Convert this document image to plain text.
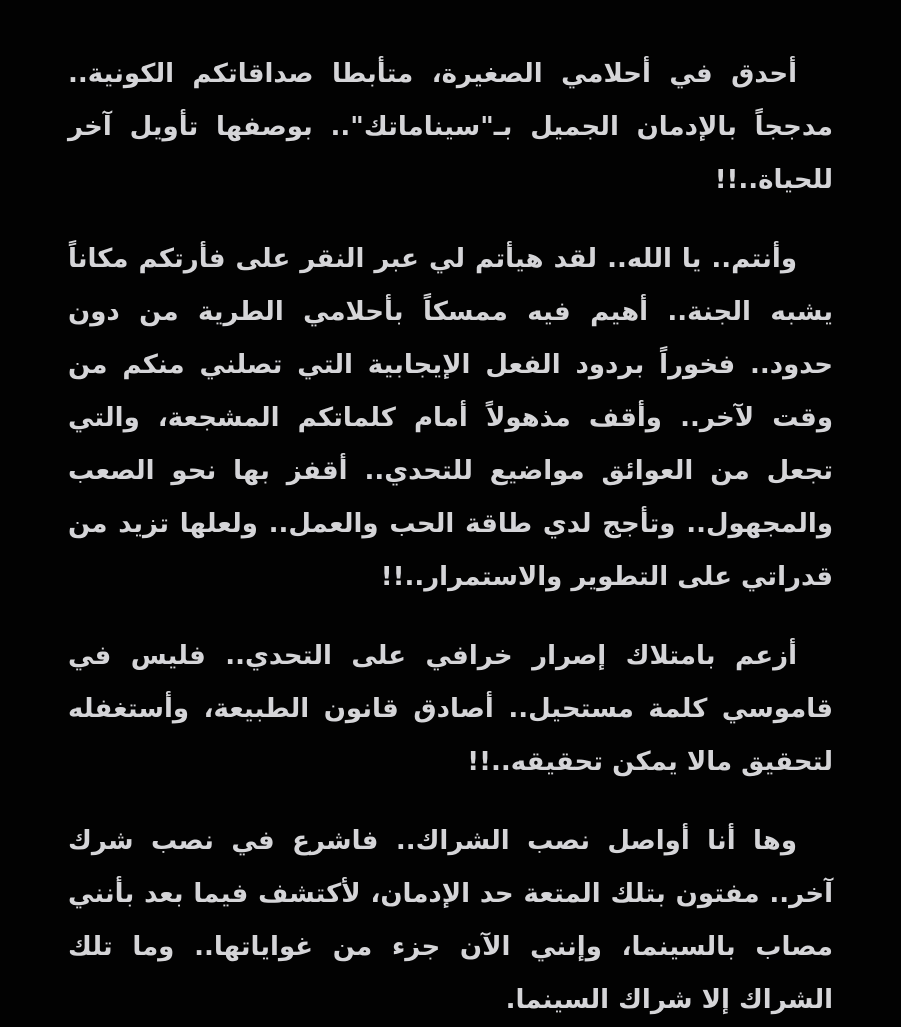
أحدق في أحلامي الصغيرة، متأبطا صداقاتكم الكونية.. مدججاً بالإدمان الجميل بـ"سيناماتك".. بوصفها تأويل آخر للحياة..!!

وأنتم.. يا الله.. لقد هيأتم لي عبر النقر على فأرتكم مكاناً يشبه الجنة.. أهيم فيه ممسكاً بأحلامي الطرية من دون حدود.. فخوراً بردود الفعل الإيجابية التي تصلني منكم من وقت لآخر.. وأقف مذهولاً أمام كلماتكم المشجعة، والتي تجعل من العوائق مواضيع للتحدي.. أقفز بها نحو الصعب والمجهول.. وتأجج لدي طاقة الحب والعمل.. ولعلها تزيد من قدراتي على التطوير والاستمرار..!!

أزعم بامتلاك إصرار خرافي على التحدي.. فليس في قاموسي كلمة مستحيل.. أصادق قانون الطبيعة، وأستغفله لتحقيق مالا يمكن تحقيقه..!!

وها أنا أواصل نصب الشراك.. فاشرع في نصب شرك آخر.. مفتون بتلك المتعة حد الإدمان، لأكتشف فيما بعد بأنني مصاب بالسينما، وإنني الآن جزء من غواياتها.. وما تلك الشراك إلا شراك السينما.
